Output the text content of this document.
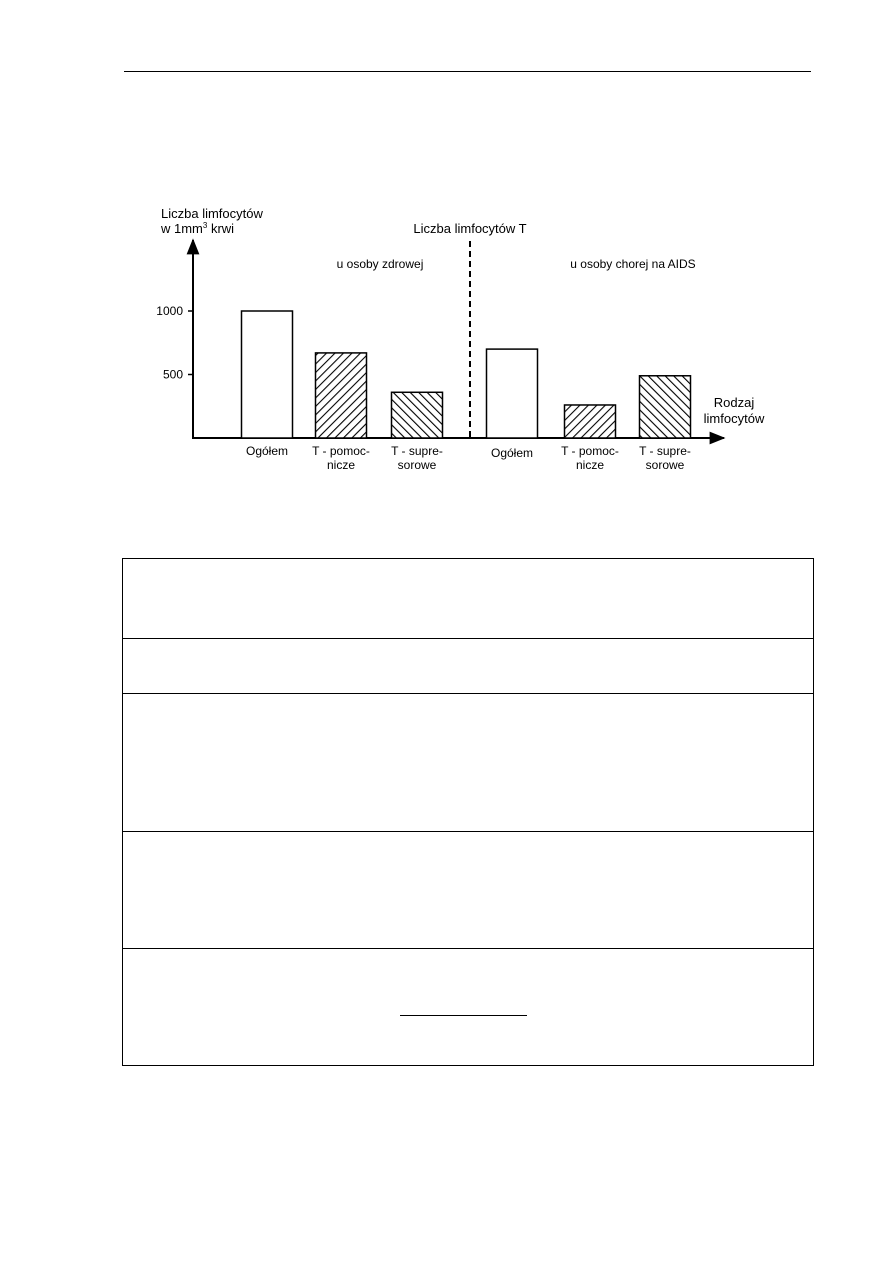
Liczba limfocytów
w $1mm^3$ krwi	Liczba limfocytów T
Rodzaj
limfocytów
500
1000
u osoby zdrowej
Ogółem T - pomoc-
nicze
T - supre-
sorowe
u osoby chorej na AIDS
Ogółem T - pomoc-
nicze
T - supre-
sorowe
